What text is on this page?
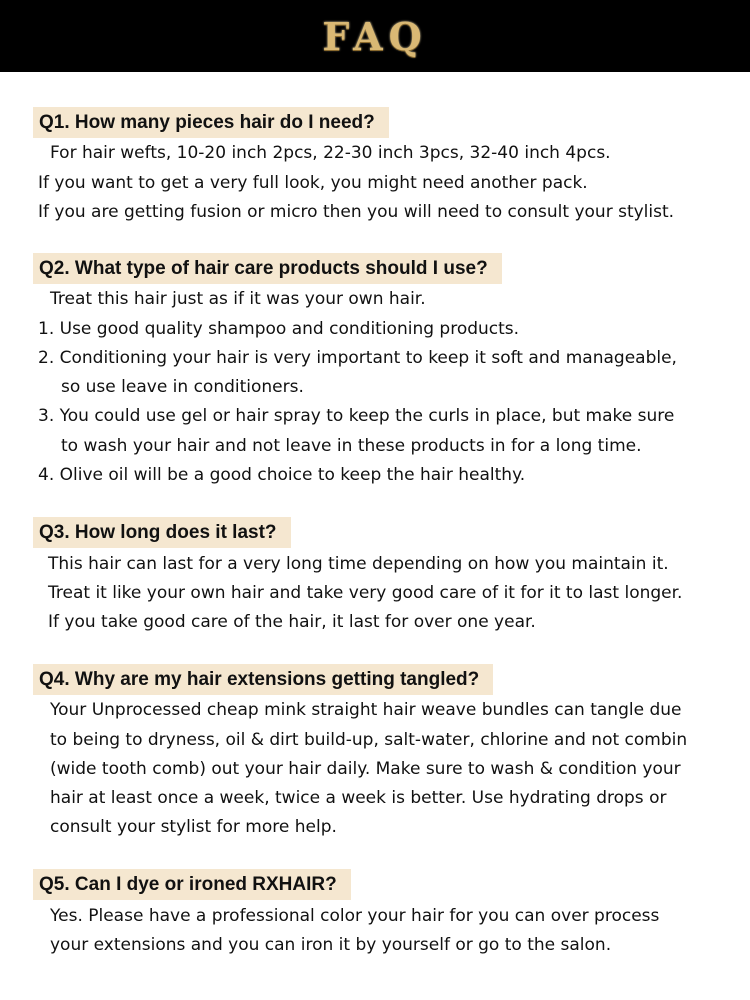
FAQ
Q1. How many pieces hair do I need?
For hair wefts, 10-20 inch 2pcs, 22-30 inch 3pcs, 32-40 inch 4pcs.
If you want to get a very full look, you might need another pack.
If you are getting fusion or micro then you will need to consult your stylist.
Q2. What type of hair care products should I use?
Treat this hair just as if it was your own hair.
1. Use good quality shampoo and conditioning products.
2. Conditioning your hair is very important to keep it soft and manageable,
so use leave in conditioners.
3. You could use gel or hair spray to keep the curls in place, but make sure
to wash your hair and not leave in these products in for a long time.
4. Olive oil will be a good choice to keep the hair healthy.
Q3. How long does it last?
This hair can last for a very long time depending on how you maintain it.
Treat it like your own hair and take very good care of it for it to last longer.
If you take good care of the hair, it last for over one year.
Q4. Why are my hair extensions getting tangled?
Your Unprocessed cheap mink straight hair weave bundles can tangle due
to being to dryness, oil & dirt build-up, salt-water, chlorine and not combin
(wide tooth comb) out your hair daily. Make sure to wash & condition your
hair at least once a week, twice a week is better. Use hydrating drops or
consult your stylist for more help.
Q5. Can I dye or ironed RXHAIR?
Yes. Please have a professional color your hair for you can over process
your extensions and you can iron it by yourself or go to the salon.
